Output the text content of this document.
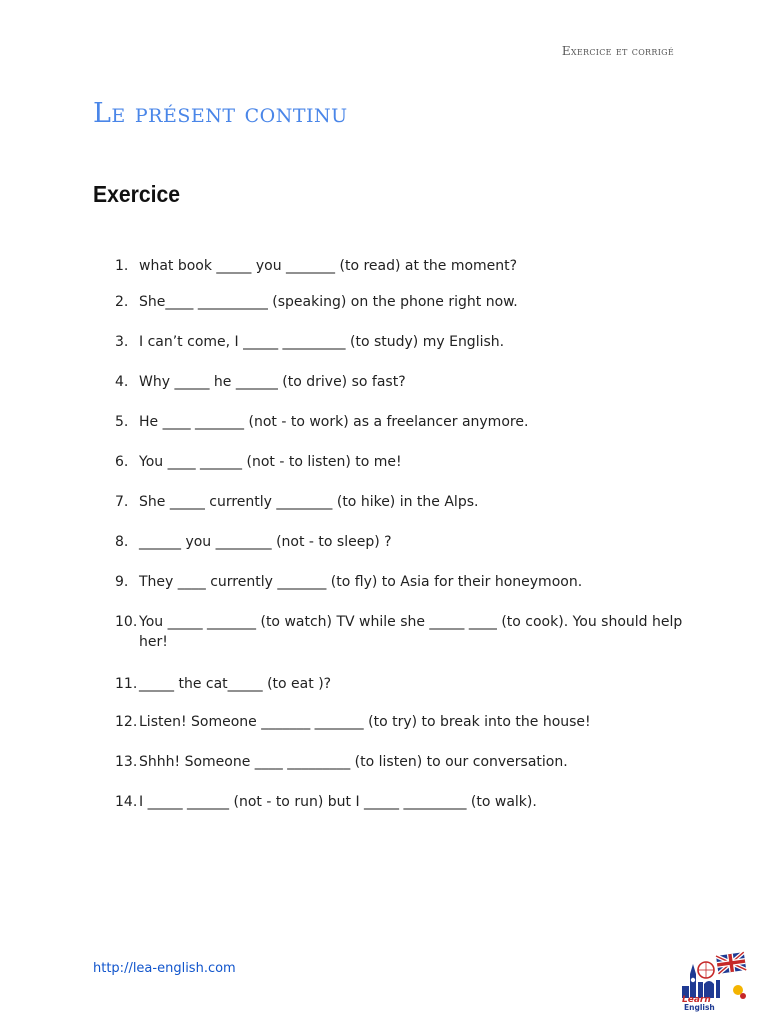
Exercice et corrigé
Le présent continu
Exercice
1. what book _____ you _______ (to read) at the moment?
2. She____ __________ (speaking) on the phone right now.
3. I can’t come, I _____ _________ (to study) my English.
4. Why _____ he ______ (to drive) so fast?
5. He ____ _______ (not - to work) as a freelancer anymore.
6. You ____ ______ (not - to listen) to me!
7. She _____ currently ________ (to hike) in the Alps.
8. ______ you ________ (not - to sleep) ?
9. They ____ currently _______ (to fly) to Asia for their honeymoon.
10. You _____ _______ (to watch) TV while she _____ ____ (to cook). You should help her!
11. _____ the cat_____ (to eat )?
12. Listen! Someone _______ _______ (to try) to break into the house!
13. Shhh! Someone ____ _________ (to listen) to our conversation.
14. I _____ ______ (not - to run) but I _____ _________ (to walk).
http://lea-english.com
Learn
English
